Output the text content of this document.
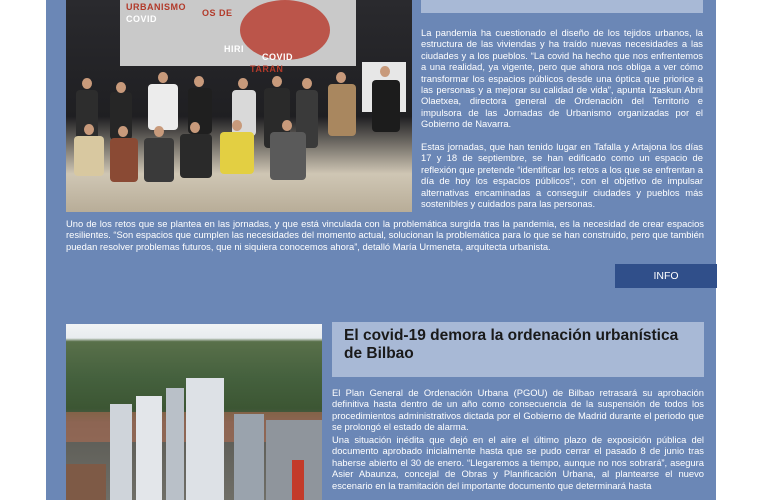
URBANISMO
OS DE
COVID
HIRI
COVID
TARAN
La pandemia ha cuestionado el diseño de los tejidos urbanos, la estructura de las viviendas y ha traído nuevas necesidades a las ciudades y a los pueblos. “La covid ha hecho que nos enfrentemos a una realidad, ya vigente, pero que ahora nos obliga a ver cómo transformar los espacios públicos desde una óptica que priorice a las personas y a mejorar su calidad de vida”, apunta Izaskun Abril Olaetxea, directora general de Ordenación del Territorio e impulsora de las Jornadas de Urbanismo organizadas por el Gobierno de Navarra.
Estas jornadas, que han tenido lugar en Tafalla y Artajona los días 17 y 18 de septiembre, se han edificado como un espacio de reflexión que pretende “identificar los retos a los que se enfrentan a día de hoy los espacios públicos”, con el objetivo de impulsar alternativas encaminadas a conseguir ciudades y pueblos más sostenibles y cuidados para las personas.
Uno de los retos que se plantea en las jornadas, y que está vinculada con la problemática surgida tras la pandemia, es la necesidad de crear espacios resilientes. “Son espacios que cumplen las necesidades del momento actual, solucionan la problemática para lo que se han construido, pero que también puedan resolver problemas futuros, que ni siquiera conocemos ahora”, detalló María Urmeneta, arquitecta urbanista.
INFO
El covid-19 demora la ordenación urbanística de Bilbao
El Plan General de Ordenación Urbana (PGOU) de Bilbao retrasará su aprobación definitiva hasta dentro de un año como consecuencia de la suspensión de todos los procedimientos administrativos dictada por el Gobierno de Madrid durante el periodo que se prolongó el estado de alarma.
Una situación inédita que dejó en el aire el último plazo de exposición pública del documento aprobado inicialmente hasta que se pudo cerrar el pasado 8 de junio tras haberse abierto el 30 de enero. “Llegaremos a tiempo, aunque no nos sobrará”, asegura Asier Abaunza, concejal de Obras y Planificación Urbana, al plantearse el nuevo escenario en la tramitación del importante documento que determinará hasta
